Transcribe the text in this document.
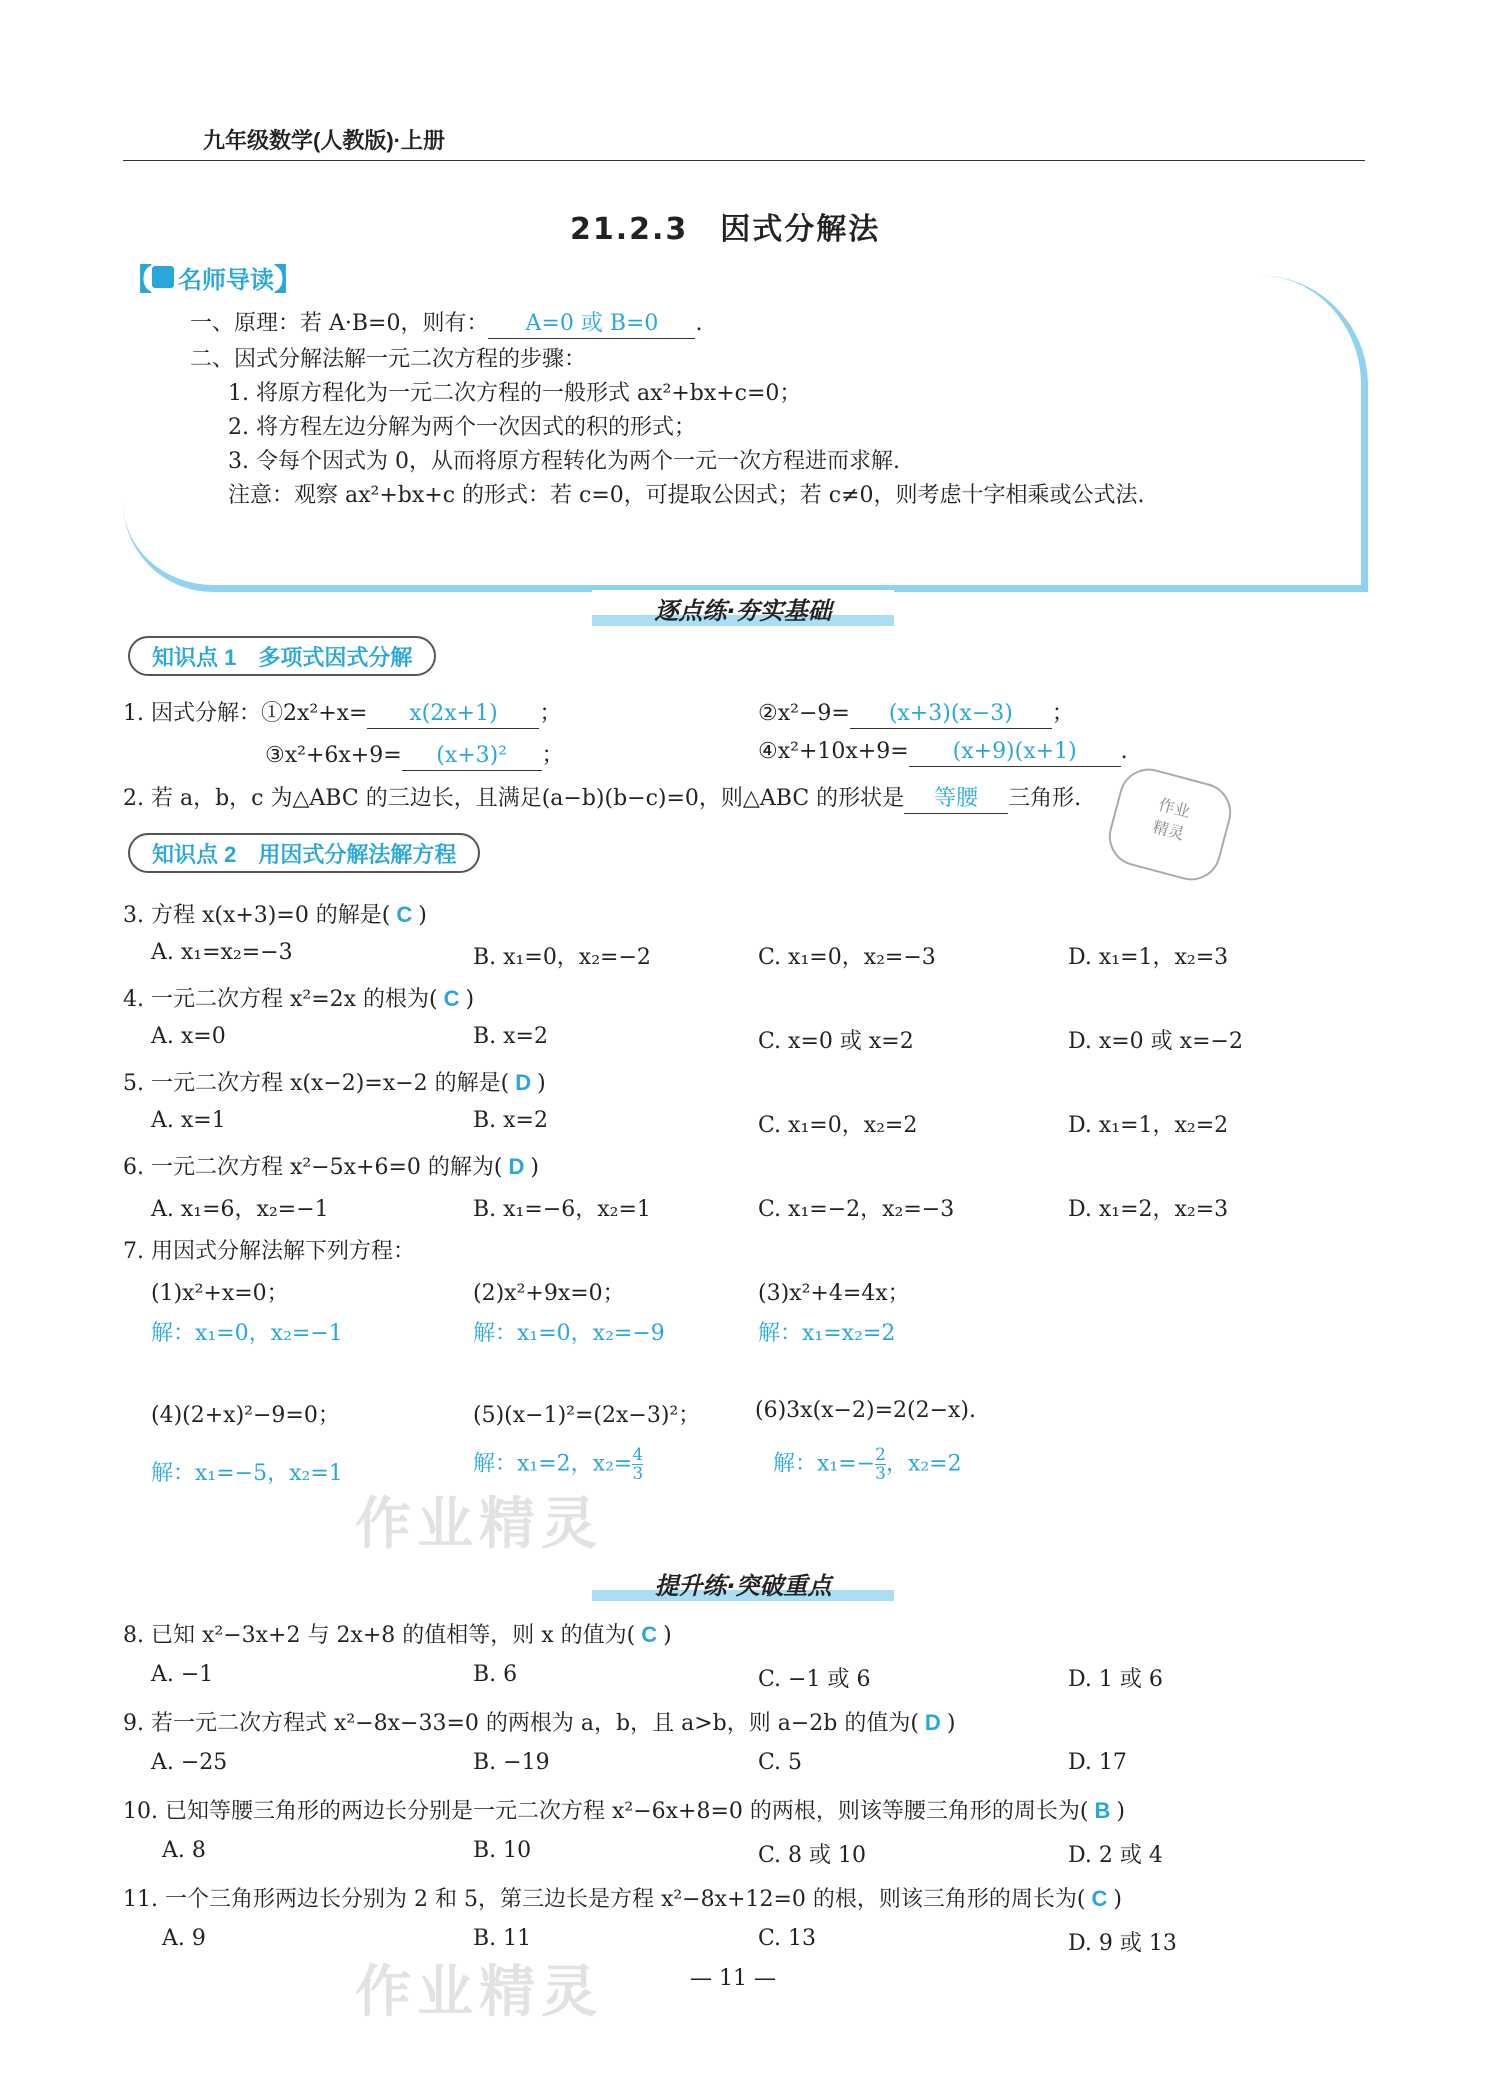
九年级数学(人教版)·上册
21.2.3　因式分解法
【 名师导读 】
一、原理：若 A·B=0，则有： A=0 或 B=0 .
二、因式分解法解一元二次方程的步骤：
1. 将原方程化为一元二次方程的一般形式 ax²+bx+c=0；
2. 将方程左边分解为两个一次因式的积的形式；
3. 令每个因式为 0，从而将原方程转化为两个一元一次方程进而求解.
注意：观察 ax²+bx+c 的形式：若 c=0，可提取公因式；若 c≠0，则考虑十字相乘或公式法.
逐点练·夯实基础
知识点 1　多项式因式分解
1. 因式分解：①2x²+x= x(2x+1) ；	②x²−9= (x+3)(x−3) ；
③x²+6x+9= (x+3)² ；	④x²+10x+9= (x+9)(x+1) .
2. 若 a，b，c 为△ABC 的三边长，且满足(a−b)(b−c)=0，则△ABC 的形状是 等腰 三角形.	作业
精灵
知识点 2　用因式分解法解方程
3. 方程 x(x+3)=0 的解是( C )
A. x₁=x₂=−3	B. x₁=0，x₂=−2	C. x₁=0，x₂=−3	D. x₁=1，x₂=3
4. 一元二次方程 x²=2x 的根为( C )
A. x=0	B. x=2	C. x=0 或 x=2	D. x=0 或 x=−2
5. 一元二次方程 x(x−2)=x−2 的解是( D )
A. x=1	B. x=2	C. x₁=0，x₂=2	D. x₁=1，x₂=2
6. 一元二次方程 x²−5x+6=0 的解为( D )
A. x₁=6，x₂=−1	B. x₁=−6，x₂=1	C. x₁=−2，x₂=−3	D. x₁=2，x₂=3
7. 用因式分解法解下列方程：
(1)x²+x=0；	(2)x²+9x=0；	(3)x²+4=4x；
解：x₁=0，x₂=−1	解：x₁=0，x₂=−9	解：x₁=x₂=2
(4)(2+x)²−9=0；	(5)(x−1)²=(2x−3)²； (6)3x(x−2)=2(2−x).
解：x₁=−5，x₂=1	解：x₁=2，$x_2= \frac{4}{3}$	解：$x_1=- \frac{2}{3}$ ，x₂=2
作业精灵
提升练·突破重点
8. 已知 x²−3x+2 与 2x+8 的值相等，则 x 的值为( C )
A. −1	B. 6	C. −1 或 6	D. 1 或 6
9. 若一元二次方程式 x²−8x−33=0 的两根为 a，b，且 a>b，则 a−2b 的值为( D )
A. −25	B. −19	C. 5	D. 17
10. 已知等腰三角形的两边长分别是一元二次方程 x²−6x+8=0 的两根，则该等腰三角形的周长为( B )
A. 8	B. 10	C. 8 或 10	D. 2 或 4
11. 一个三角形两边长分别为 2 和 5，第三边长是方程 x²−8x+12=0 的根，则该三角形的周长为( C )
A. 9	B. 11	C. 13	D. 9 或 13
作业精灵	— 11 —
